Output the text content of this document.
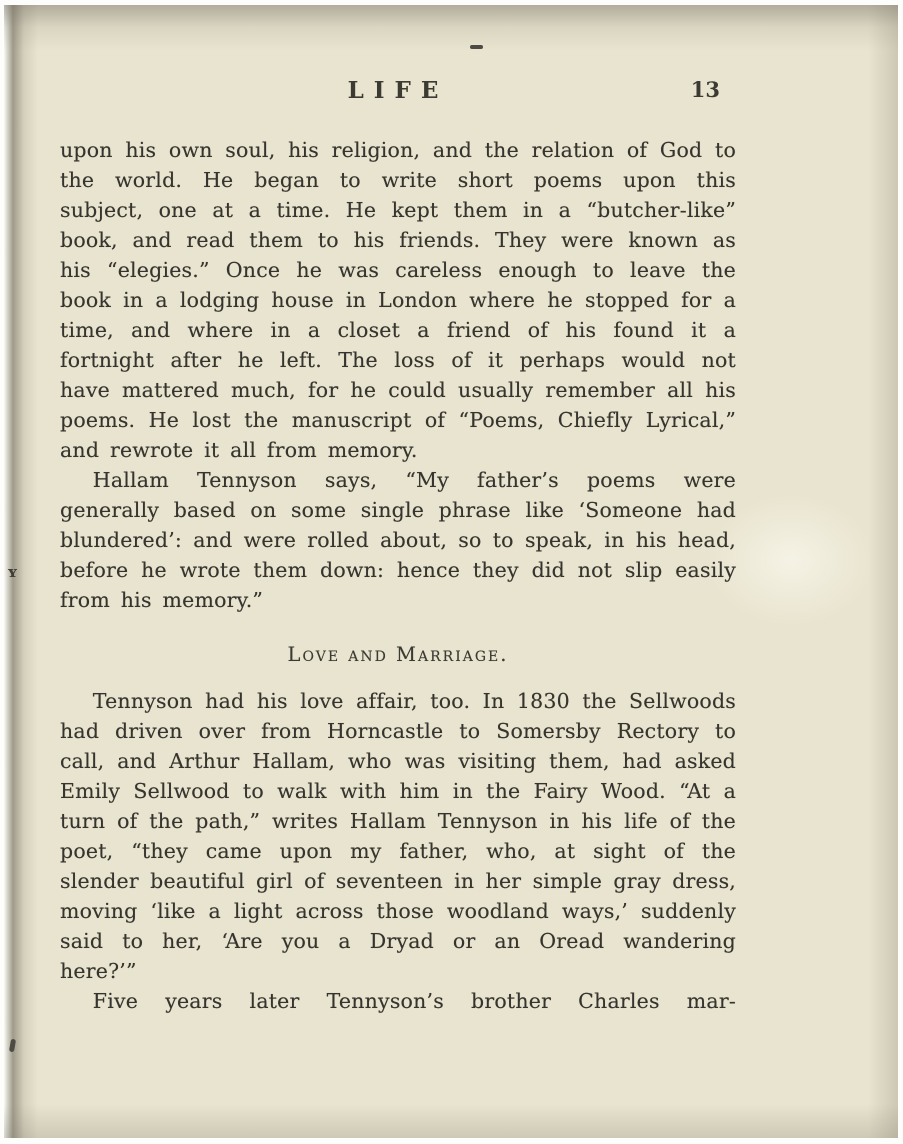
ʏ
LIFE	13

upon his own soul, his religion, and the relation of God to the world. He began to write short poems upon this subject, one at a time. He kept them in a “butcher-like” book, and read them to his friends. They were known as his “elegies.” Once he was careless enough to leave the book in a lodging house in London where he stopped for a time, and where in a closet a friend of his found it a fortnight after he left. The loss of it perhaps would not have mattered much, for he could usually remember all his poems. He lost the manuscript of “Poems, Chiefly Lyrical,” and rewrote it all from memory.

Hallam Tennyson says, “My father’s poems were generally based on some single phrase like ‘Someone had blundered’: and were rolled about, so to speak, in his head, before he wrote them down: hence they did not slip easily from his memory.”

Love and Marriage.

Tennyson had his love affair, too. In 1830 the Sellwoods had driven over from Horncastle to Somersby Rectory to call, and Arthur Hallam, who was visiting them, had asked Emily Sellwood to walk with him in the Fairy Wood. “At a turn of the path,” writes Hallam Tennyson in his life of the poet, “they came upon my father, who, at sight of the slender beautiful girl of seventeen in her simple gray dress, moving ‘like a light across those woodland ways,’ suddenly said to her, ‘Are you a Dryad or an Oread wandering here?’”

Five years later Tennyson’s brother Charles mar-
